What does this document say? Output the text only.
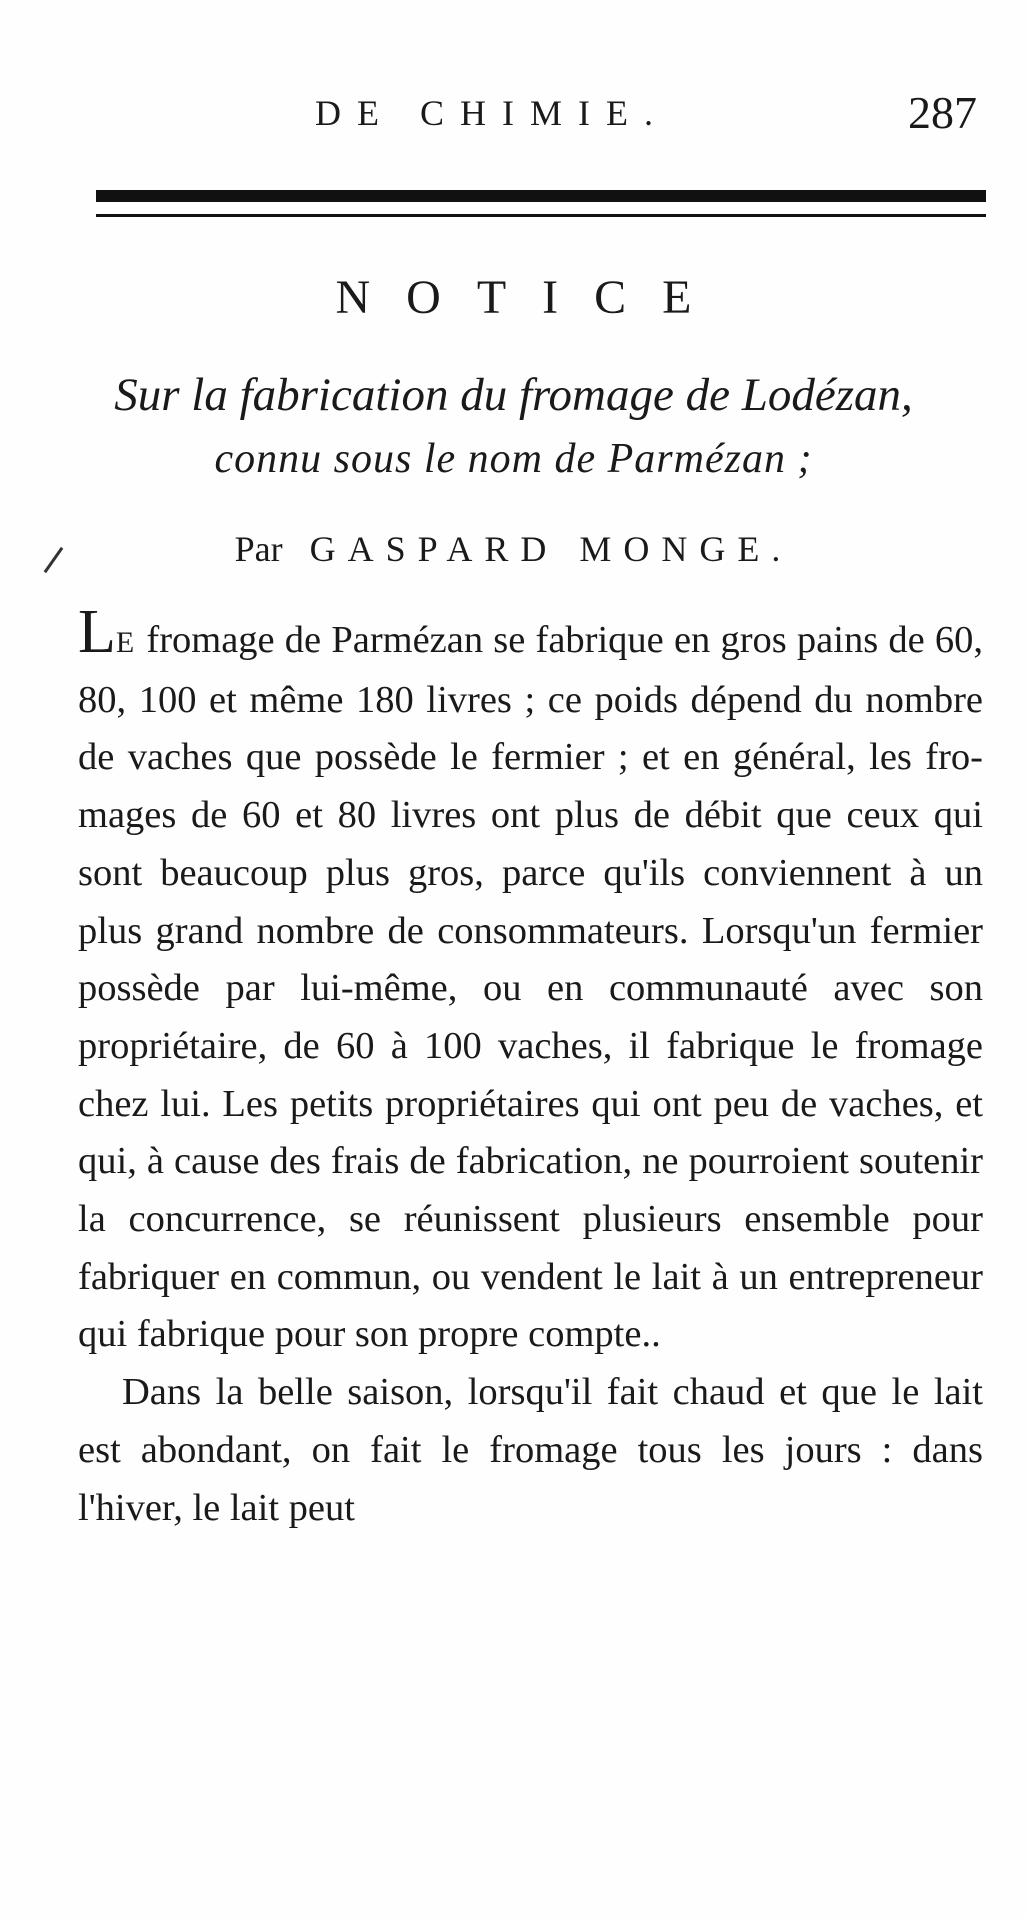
DE CHIMIE.	287
NOTICE
Sur la fabrication du fromage de Lodézan,
connu sous le nom de Parmézan ;
Par GASPARD MONGE.

LE fromage de Parmézan se fabrique en gros pains de 60, 80, 100 et même 180 livres ; ce poids dépend du nombre de vaches que possède le fermier ; et en général, les fromages de 60 et 80 livres ont plus de débit que ceux qui sont beaucoup plus gros, parce qu'ils conviennent à un plus grand nombre de consommateurs. Lorsqu'un fermier possède par lui-même, ou en communauté avec son propriétaire, de 60 à 100 vaches, il fabrique le fromage chez lui. Les petits propriétaires qui ont peu de vaches, et qui, à cause des frais de fabrication, ne pourroient soutenir la concurrence, se réunissent plusieurs ensemble pour fabriquer en commun, ou vendent le lait à un entrepreneur qui fabrique pour son propre compte..

Dans la belle saison, lorsqu'il fait chaud et que le lait est abondant, on fait le fromage tous les jours : dans l'hiver, le lait peut
